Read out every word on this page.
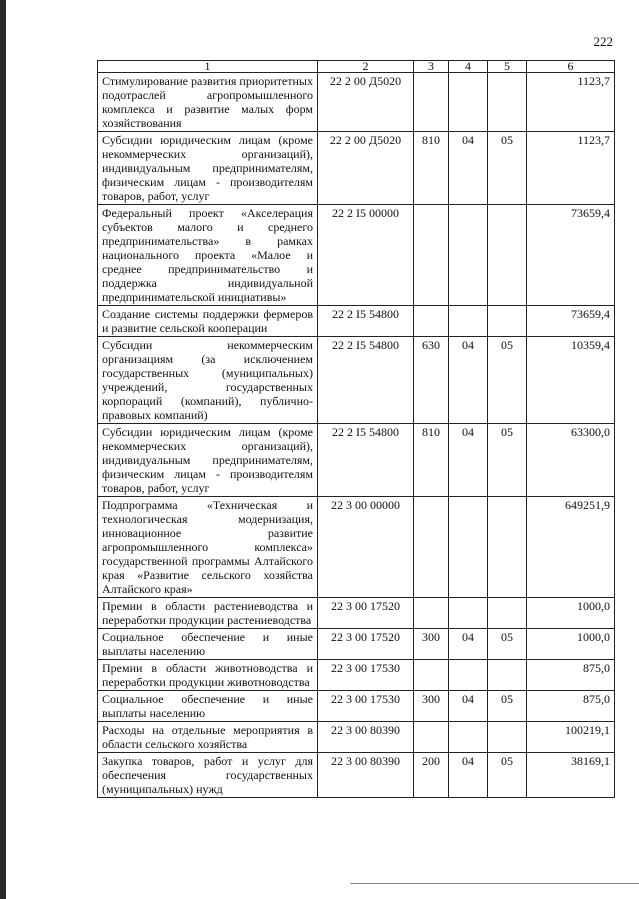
222
1	2	3	4	5	6
Стимулирование развития приоритетных подотраслей агропромышленного комплекса и развитие малых форм хозяйствования	22 2 00 Д5020				1123,7
Субсидии юридическим лицам (кроме некоммерческих организаций), индивидуальным предпринимателям, физическим лицам - производителям товаров, работ, услуг	22 2 00 Д5020	810	04	05	1123,7
Федеральный проект «Акселерация субъектов малого и среднего предпринимательства» в рамках национального проекта «Малое и среднее предпринимательство и поддержка индивидуальной предпринимательской инициативы»	22 2 I5 00000				73659,4
Создание системы поддержки фермеров и развитие сельской кооперации	22 2 I5 54800				73659,4
Субсидии некоммерческим организациям (за исключением государственных (муниципальных) учреждений, государственных корпораций (компаний), публично-правовых компаний)	22 2 I5 54800	630	04	05	10359,4
Субсидии юридическим лицам (кроме некоммерческих организаций), индивидуальным предпринимателям, физическим лицам - производителям товаров, работ, услуг	22 2 I5 54800	810	04	05	63300,0
Подпрограмма «Техническая и технологическая модернизация, инновационное развитие агропромышленного комплекса» государственной программы Алтайского края «Развитие сельского хозяйства Алтайского края»	22 3 00 00000				649251,9
Премии в области растениеводства и переработки продукции растениеводства	22 3 00 17520				1000,0
Социальное обеспечение и иные выплаты населению	22 3 00 17520	300	04	05	1000,0
Премии в области животноводства и переработки продукции животноводства	22 3 00 17530				875,0
Социальное обеспечение и иные выплаты населению	22 3 00 17530	300	04	05	875,0
Расходы на отдельные мероприятия в области сельского хозяйства	22 3 00 80390				100219,1
Закупка товаров, работ и услуг для обеспечения государственных (муниципальных) нужд	22 3 00 80390	200	04	05	38169,1
